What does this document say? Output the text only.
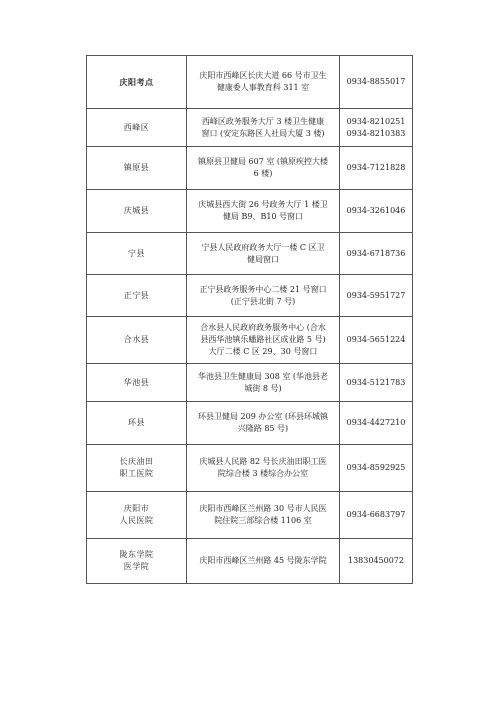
庆阳考点	庆阳市西峰区长庆大道 66 号市卫生
健康委人事教育科 311 室	0934-8855017

西峰区	西峰区政务服务大厅 3 楼卫生健康
窗口 (安定东路区人社局大厦 3 楼)	0934-8210251
0934-8210383

镇原县	镇原县卫健局 607 室 (镇原疾控大楼
6 楼)	0934-7121828

庆城县	庆城县西大街 26 号政务大厅 1 楼卫
健局 B9、B10 号窗口	0934-3261046

宁县	宁县人民政府政务大厅一楼 C 区卫
健局窗口	0934-6718736

正宁县	正宁县政务服务中心二楼 21 号窗口
(正宁县北街 7 号)	0934-5951727

合水县	合水县人民政府政务服务中心 (合水
县西华池镇乐蟠路社区成业路 5 号)
大厅二楼 C 区 29、30 号窗口	0934-5651224

华池县	华池县卫生健康局 308 室 (华池县老
城街 8 号)	0934-5121783

环县	环县卫健局 209 办公室 (环县环城镇
兴隆路 85 号)	0934-4427210

长庆油田
职工医院	庆城县人民路 82 号长庆油田职工医
院综合楼 3 楼综合办公室	0934-8592925

庆阳市
人民医院	庆阳市西峰区兰州路 30 号市人民医
院住院三部综合楼 1106 室	0934-6683797

陇东学院
医学院	庆阳市西峰区兰州路 45 号陇东学院	13830450072
